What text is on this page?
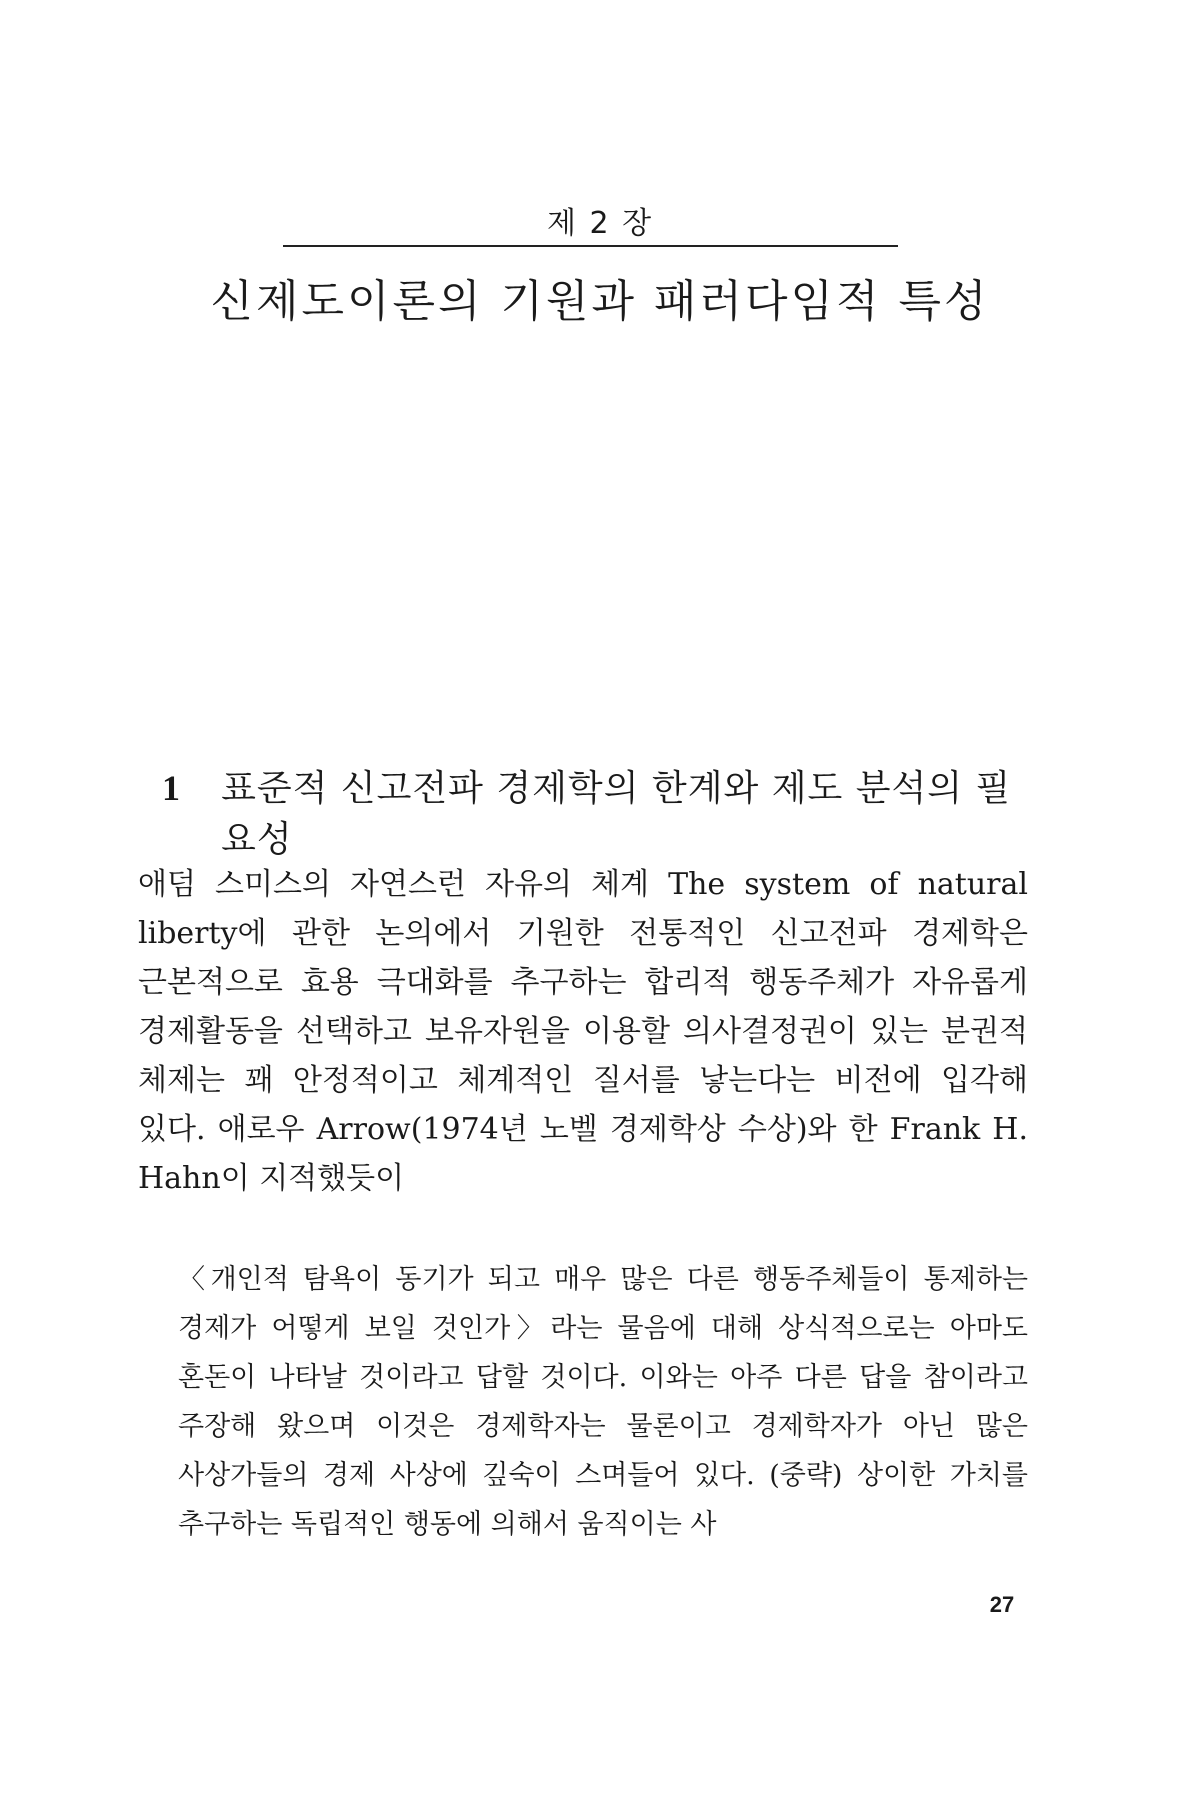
제 2 장
신제도이론의 기원과 패러다임적 특성
1	표준적 신고전파 경제학의 한계와 제도 분석의 필요성

애덤 스미스의 자연스런 자유의 체계 The system of natural liberty에 관한 논의에서 기원한 전통적인 신고전파 경제학은 근본적으로 효용 극대화를 추구하는 합리적 행동주체가 자유롭게 경제활동을 선택하고 보유자원을 이용할 의사결정권이 있는 분권적 체제는 꽤 안정적이고 체계적인 질서를 낳는다는 비전에 입각해 있다. 애로우 Arrow(1974년 노벨 경제학상 수상)와 한 Frank H. Hahn이 지적했듯이

〈개인적 탐욕이 동기가 되고 매우 많은 다른 행동주체들이 통제하는 경제가 어떻게 보일 것인가〉라는 물음에 대해 상식적으로는 아마도 혼돈이 나타날 것이라고 답할 것이다. 이와는 아주 다른 답을 참이라고 주장해 왔으며 이것은 경제학자는 물론이고 경제학자가 아닌 많은 사상가들의 경제 사상에 깊숙이 스며들어 있다. (중략) 상이한 가치를 추구하는 독립적인 행동에 의해서 움직이는 사

27
